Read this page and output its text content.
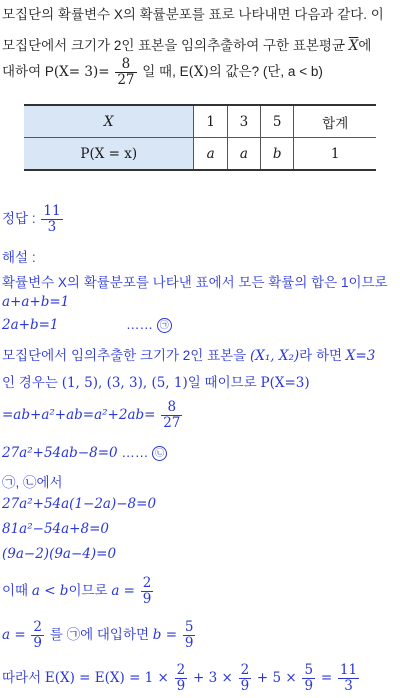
모집단의 확률변수 X의 확률분포를 표로 나타내면 다음과 같다. 이
모집단에서 크기가 2인 표본을 임의추출하여 구한 표본평균 $\overline{X}$에
대하여 $P(X= 3)= \frac{8}{27}$ 일 때, E(X)의 값은? (단, a < b)
X	1	3	5	합계
P(X = x)	a	a	b	1
정답 : $\frac{11}{3}$
해설 :
확률변수 X의 확률분포를 나타낸 표에서 모든 확률의 합은 1이므로
a+a+b=1
2a+b=1	…… ㉠
모집단에서 임의추출한 크기가 2인 표본을 (X₁, X₂)라 하면 X=3
인 경우는 (1, 5), (3, 3), (5, 1)일 때이므로 P(X=3)
$=ab+a^2+ab=a^2+2ab= \frac{8}{27}$
27a²+54ab−8=0 …… ㉡
㉠, ㉡에서
27a²+54a(1−2a)−8=0
81a²−54a+8=0
(9a−2)(9a−4)=0
이때 a < b이므로 $a = \frac{2}{9}$
$a = \frac{2}{9}$ 를 ㉠에 대입하면 $b = \frac{5}{9}$
따라서 $E(X) = E(X) = 1 \times \frac{2}{9} + 3 \times \frac{2}{9} + 5 \times \frac{5}{9} = \frac{11}{3}$
